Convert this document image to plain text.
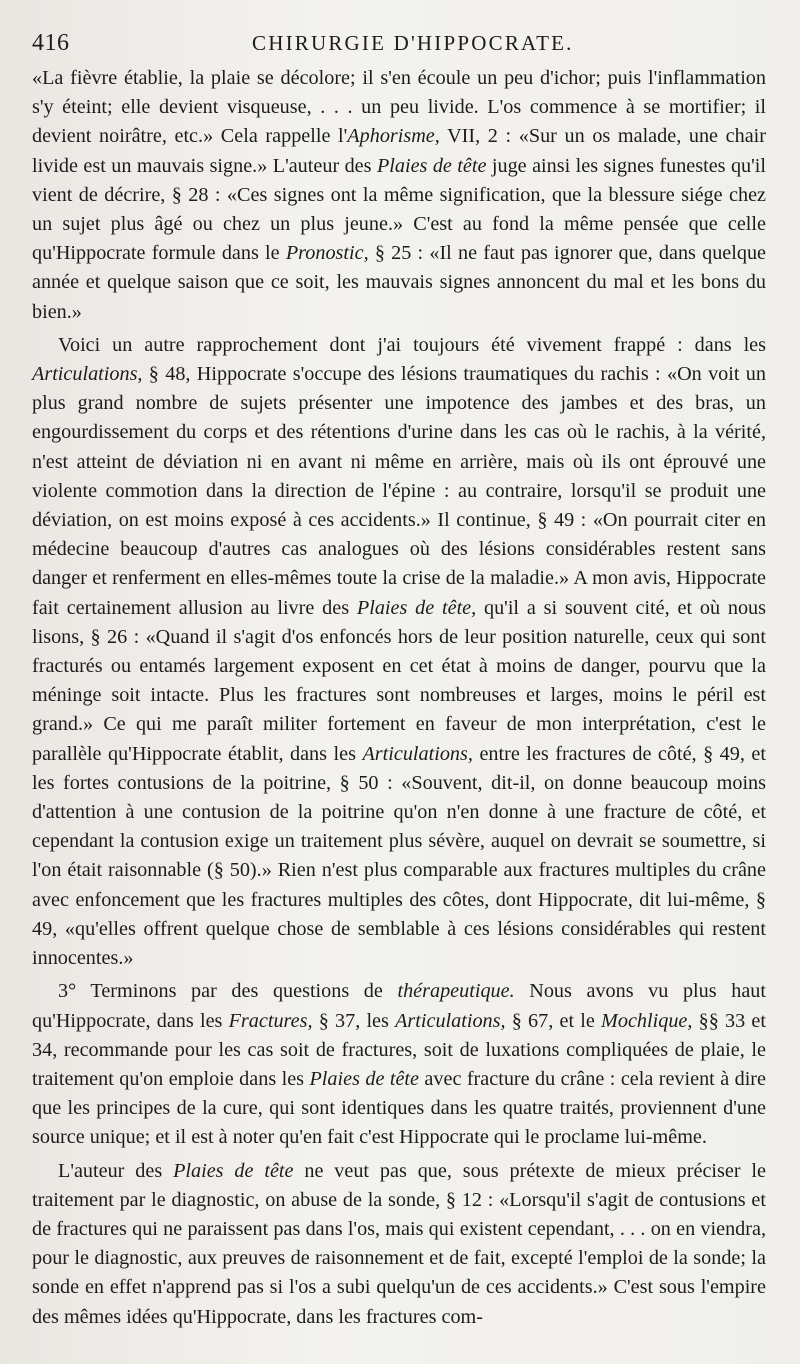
416	CHIRURGIE D'HIPPOCRATE.

«La fièvre établie, la plaie se décolore; il s'en écoule un peu d'ichor; puis l'inflammation s'y éteint; elle devient visqueuse, . . . un peu livide. L'os commence à se mortifier; il devient noirâtre, etc.» Cela rappelle l'Aphorisme, VII, 2 : «Sur un os malade, une chair livide est un mauvais signe.» L'auteur des Plaies de tête juge ainsi les signes funestes qu'il vient de décrire, § 28 : «Ces signes ont la même signification, que la blessure siége chez un sujet plus âgé ou chez un plus jeune.» C'est au fond la même pensée que celle qu'Hippocrate formule dans le Pronostic, § 25 : «Il ne faut pas ignorer que, dans quelque année et quelque saison que ce soit, les mauvais signes annoncent du mal et les bons du bien.»

Voici un autre rapprochement dont j'ai toujours été vivement frappé : dans les Articulations, § 48, Hippocrate s'occupe des lésions traumatiques du rachis : «On voit un plus grand nombre de sujets présenter une impotence des jambes et des bras, un engourdissement du corps et des rétentions d'urine dans les cas où le rachis, à la vérité, n'est atteint de déviation ni en avant ni même en arrière, mais où ils ont éprouvé une violente commotion dans la direction de l'épine : au contraire, lorsqu'il se produit une déviation, on est moins exposé à ces accidents.» Il continue, § 49 : «On pourrait citer en médecine beaucoup d'autres cas analogues où des lésions considérables restent sans danger et renferment en elles-mêmes toute la crise de la maladie.» A mon avis, Hippocrate fait certainement allusion au livre des Plaies de tête, qu'il a si souvent cité, et où nous lisons, § 26 : «Quand il s'agit d'os enfoncés hors de leur position naturelle, ceux qui sont fracturés ou entamés largement exposent en cet état à moins de danger, pourvu que la méninge soit intacte. Plus les fractures sont nombreuses et larges, moins le péril est grand.» Ce qui me paraît militer fortement en faveur de mon interprétation, c'est le parallèle qu'Hippocrate établit, dans les Articulations, entre les fractures de côté, § 49, et les fortes contusions de la poitrine, § 50 : «Souvent, dit-il, on donne beaucoup moins d'attention à une contusion de la poitrine qu'on n'en donne à une fracture de côté, et cependant la contusion exige un traitement plus sévère, auquel on devrait se soumettre, si l'on était raisonnable (§ 50).» Rien n'est plus comparable aux fractures multiples du crâne avec enfoncement que les fractures multiples des côtes, dont Hippocrate, dit lui-même, § 49, «qu'elles offrent quelque chose de semblable à ces lésions considérables qui restent innocentes.»

3° Terminons par des questions de thérapeutique. Nous avons vu plus haut qu'Hippocrate, dans les Fractures, § 37, les Articulations, § 67, et le Mochlique, §§ 33 et 34, recommande pour les cas soit de fractures, soit de luxations compliquées de plaie, le traitement qu'on emploie dans les Plaies de tête avec fracture du crâne : cela revient à dire que les principes de la cure, qui sont identiques dans les quatre traités, proviennent d'une source unique; et il est à noter qu'en fait c'est Hippocrate qui le proclame lui-même.

L'auteur des Plaies de tête ne veut pas que, sous prétexte de mieux préciser le traitement par le diagnostic, on abuse de la sonde, § 12 : «Lorsqu'il s'agit de contusions et de fractures qui ne paraissent pas dans l'os, mais qui existent cependant, . . . on en viendra, pour le diagnostic, aux preuves de raisonnement et de fait, excepté l'emploi de la sonde; la sonde en effet n'apprend pas si l'os a subi quelqu'un de ces accidents.» C'est sous l'empire des mêmes idées qu'Hippocrate, dans les fractures com-
